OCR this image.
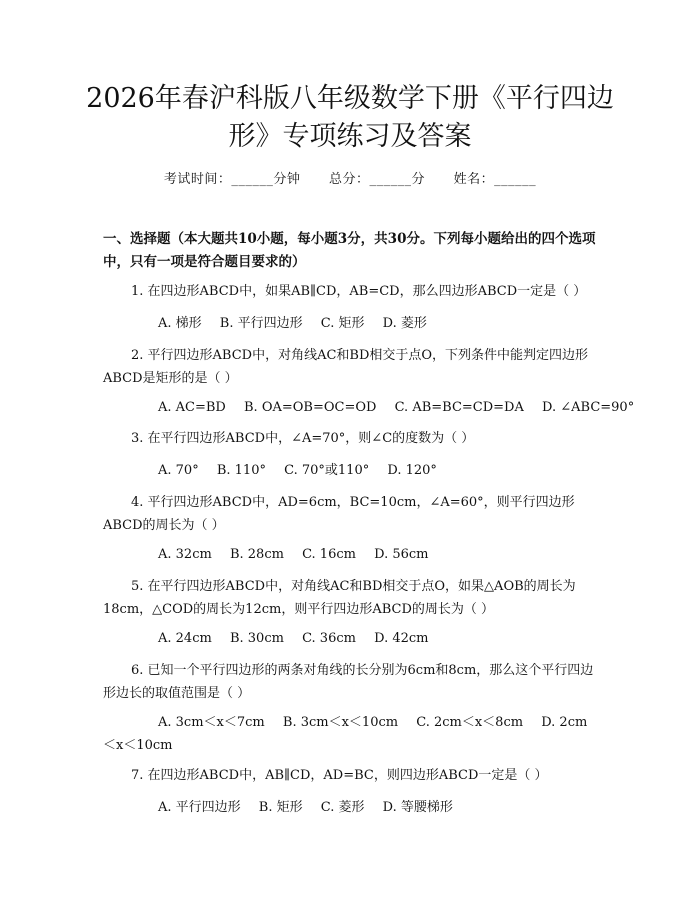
2026年春沪科版八年级数学下册《平行四边
形》专项练习及答案
考试时间：______分钟 总分：______分 姓名：______
一、选择题（本大题共10小题，每小题3分，共30分。下列每小题给出的四个选项中，只有一项是符合题目要求的）
1. 在四边形ABCD中，如果AB∥CD，AB=CD，那么四边形ABCD一定是（ ）
A. 梯形 B. 平行四边形 C. 矩形 D. 菱形
2. 平行四边形ABCD中，对角线AC和BD相交于点O，下列条件中能判定四边形ABCD是矩形的是（ ）
A. AC=BD B. OA=OB=OC=OD C. AB=BC=CD=DA D. ∠ABC=90°
3. 在平行四边形ABCD中，∠A=70°，则∠C的度数为（ ）
A. 70° B. 110° C. 70°或110° D. 120°
4. 平行四边形ABCD中，AD=6cm，BC=10cm，∠A=60°，则平行四边形ABCD的周长为（ ）
A. 32cm B. 28cm C. 16cm D. 56cm
5. 在平行四边形ABCD中，对角线AC和BD相交于点O，如果△AOB的周长为18cm，△COD的周长为12cm，则平行四边形ABCD的周长为（ ）
A. 24cm B. 30cm C. 36cm D. 42cm
6. 已知一个平行四边形的两条对角线的长分别为6cm和8cm，那么这个平行四边形边长的取值范围是（ ）
A. 3cm＜x＜7cm B. 3cm＜x＜10cm C. 2cm＜x＜8cm D. 2cm＜x＜10cm
7. 在四边形ABCD中，AB∥CD，AD=BC，则四边形ABCD一定是（ ）
A. 平行四边形 B. 矩形 C. 菱形 D. 等腰梯形
